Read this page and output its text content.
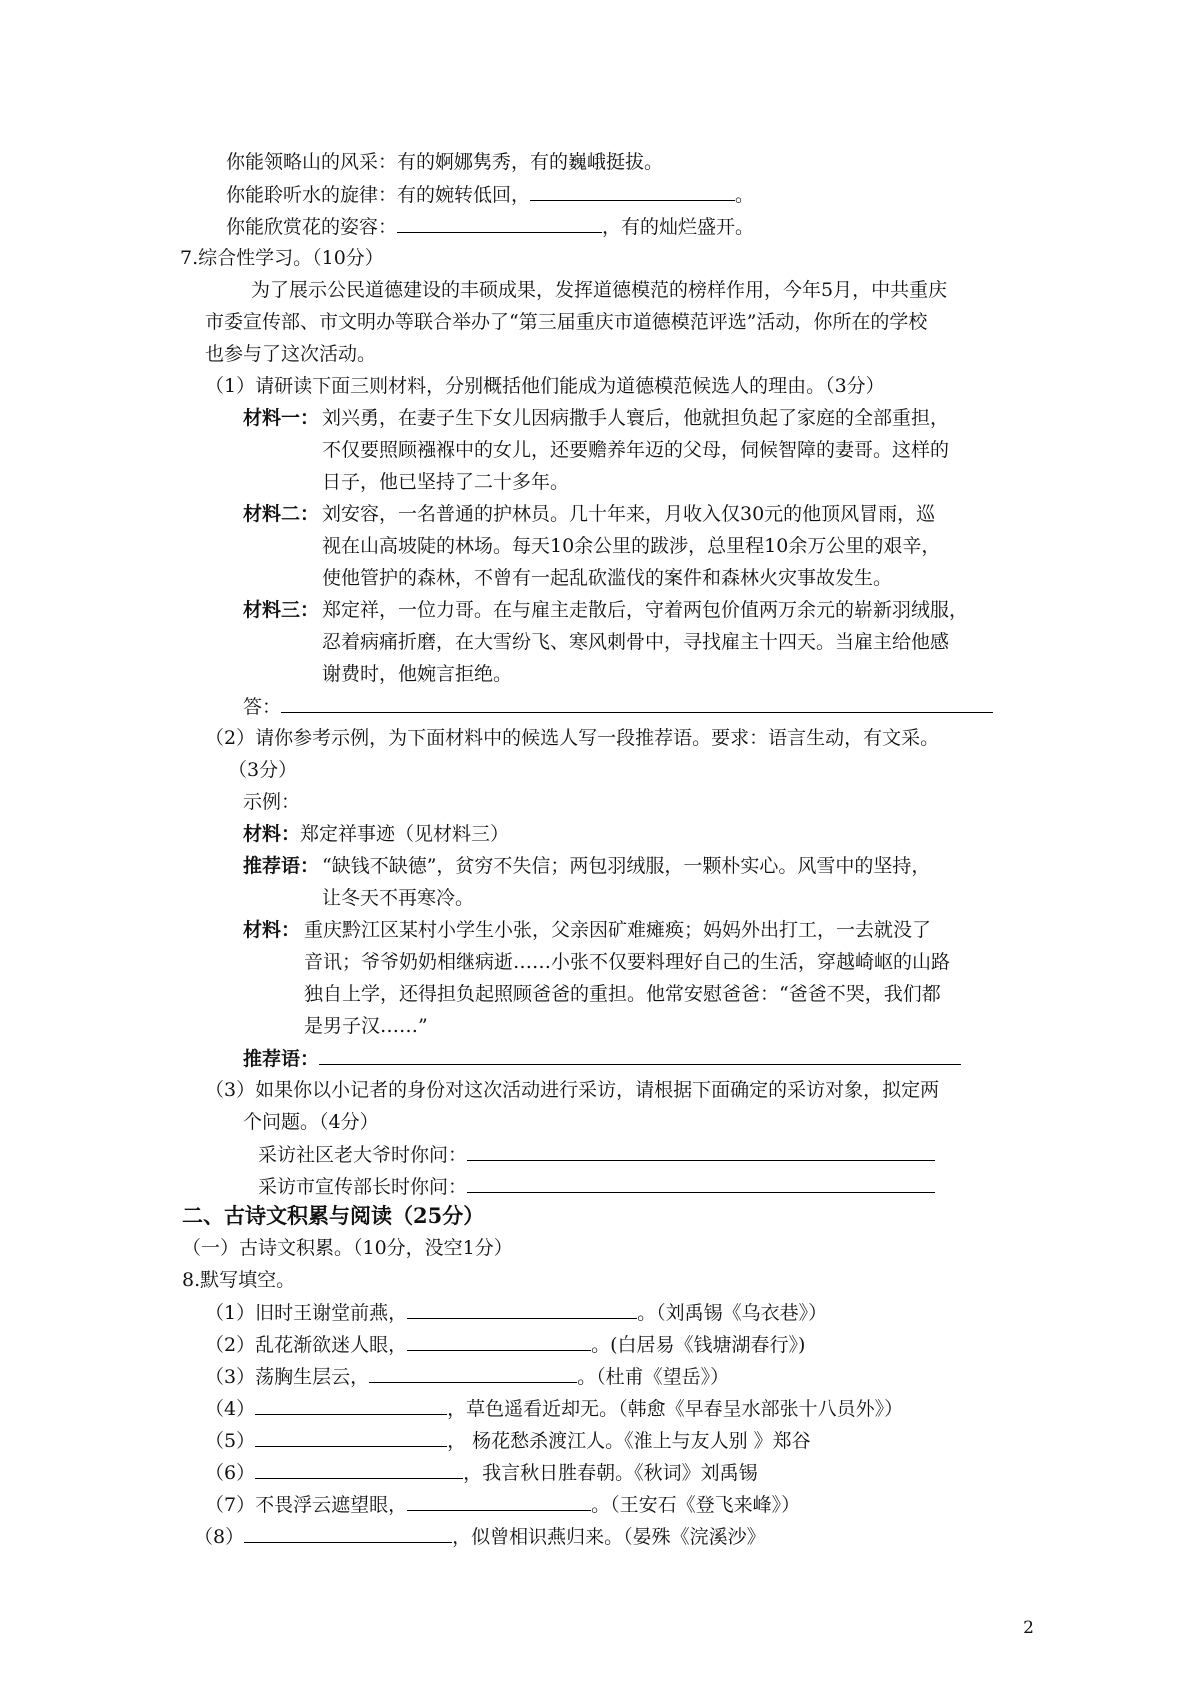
你能领略山的风采：有的婀娜隽秀，有的巍峨挺拔。
你能聆听水的旋律：有的婉转低回，	。
你能欣赏花的姿容：	，有的灿烂盛开。
7.综合性学习。（10分）
为了展示公民道德建设的丰硕成果，发挥道德模范的榜样作用，今年5月，中共重庆
市委宣传部、市文明办等联合举办了“第三届重庆市道德模范评选”活动，你所在的学校
也参与了这次活动。
（1）请研读下面三则材料，分别概括他们能成为道德模范候选人的理由。（3分）
材料一： 刘兴勇，在妻子生下女儿因病撒手人寰后，他就担负起了家庭的全部重担，
不仅要照顾襁褓中的女儿，还要赡养年迈的父母，伺候智障的妻哥。这样的
日子，他已坚持了二十多年。
材料二： 刘安容，一名普通的护林员。几十年来，月收入仅30元的他顶风冒雨，巡
视在山高坡陡的林场。每天10余公里的跋涉，总里程10余万公里的艰辛，
使他管护的森林，不曾有一起乱砍滥伐的案件和森林火灾事故发生。
材料三： 郑定祥，一位力哥。在与雇主走散后，守着两包价值两万余元的崭新羽绒服，
忍着病痛折磨，在大雪纷飞、寒风刺骨中，寻找雇主十四天。当雇主给他感
谢费时，他婉言拒绝。
答：
（2）请你参考示例，为下面材料中的候选人写一段推荐语。要求：语言生动，有文采。
（3分）
示例：
材料：郑定祥事迹（见材料三）
推荐语： “缺钱不缺德”，贫穷不失信；两包羽绒服，一颗朴实心。风雪中的坚持，
让冬天不再寒冷。
材料： 重庆黔江区某村小学生小张，父亲因矿难瘫痪；妈妈外出打工，一去就没了
音讯；爷爷奶奶相继病逝……小张不仅要料理好自己的生活，穿越崎岖的山路
独自上学，还得担负起照顾爸爸的重担。他常安慰爸爸：“爸爸不哭，我们都
是男子汉……”
推荐语：
（3）如果你以小记者的身份对这次活动进行采访，请根据下面确定的采访对象，拟定两
个问题。（4分）
采访社区老大爷时你问：
采访市宣传部长时你问：
二、古诗文积累与阅读（25分）
（一）古诗文积累。（10分，没空1分）
8.默写填空。
（1）旧时王谢堂前燕，	。（刘禹锡《乌衣巷》）
（2）乱花渐欲迷人眼，	。(白居易《钱塘湖春行》)
（3）荡胸生层云，	。（杜甫《望岳》）
（4）	，草色遥看近却无。（韩愈《早春呈水部张十八员外》）
（5）	， 杨花愁杀渡江人。《淮上与友人别 》郑谷
（6）	，我言秋日胜春朝。《秋词》刘禹锡
（7）不畏浮云遮望眼，	。（王安石《登飞来峰》）
（8）	，似曾相识燕归来。（晏殊《浣溪沙》
2
